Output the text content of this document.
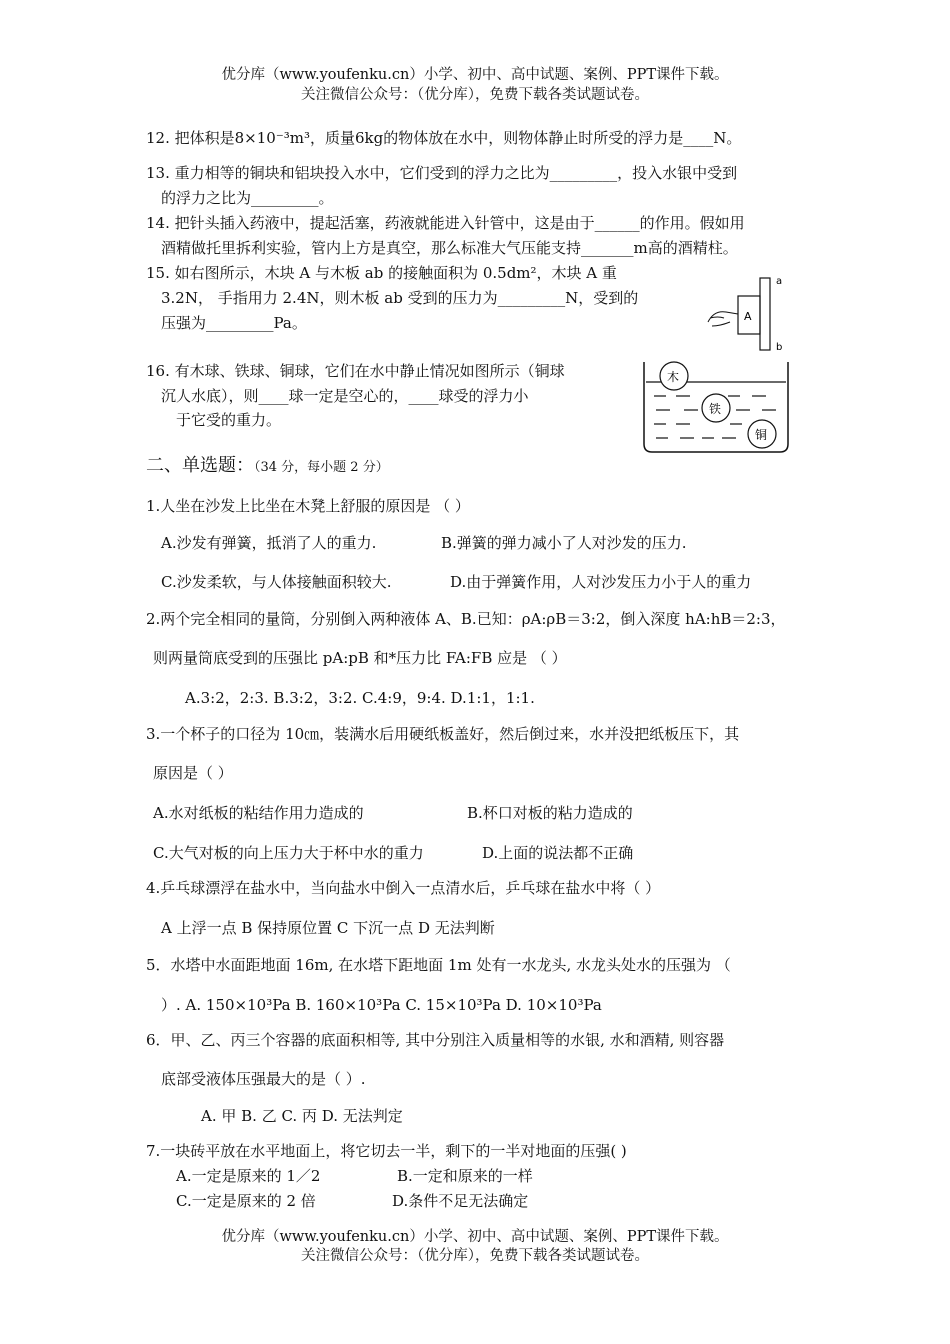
优分库（www.youfenku.cn）小学、初中、高中试题、案例、PPT课件下载。
关注微信公众号：（优分库），免费下载各类试题试卷。
12. 把体积是8×10⁻³m³，质量6kg的物体放在水中，则物体静止时所受的浮力是____N。
13. 重力相等的铜块和铝块投入水中，它们受到的浮力之比为_________，投入水银中受到
的浮力之比为_________。
14. 把针头插入药液中，提起活塞，药液就能进入针管中，这是由于______的作用。假如用
酒精做托里拆利实验，管内上方是真空，那么标准大气压能支持_______m高的酒精柱。
15. 如右图所示，木块 A 与木板 ab 的接触面积为 0.5dm²，木块 A 重
3.2N， 手指用力 2.4N，则木板 ab 受到的压力为_________N，受到的
压强为_________Pa。	A
a
b
16. 有木球、铁球、铜球，它们在水中静止情况如图所示（铜球
沉人水底），则____球一定是空心的，____球受的浮力小
于它受的重力。
木
铁
铜
二、单选题：（34 分，每小题 2 分）
1.人坐在沙发上比坐在木凳上舒服的原因是 （ ）
A.沙发有弹簧，抵消了人的重力.	B.弹簧的弹力减小了人对沙发的压力.
C.沙发柔软，与人体接触面积较大.	D.由于弹簧作用，人对沙发压力小于人的重力
2.两个完全相同的量筒，分别倒入两种液体 A、B.已知：ρA:ρB＝3:2，倒入深度 hA:hB＝2:3，
则两量筒底受到的压强比 pA:pB 和*压力比 FA:FB 应是 （ ）
A.3:2，2:3. B.3:2，3:2. C.4:9，9:4. D.1:1，1:1.
3.一个杯子的口径为 10㎝，装满水后用硬纸板盖好，然后倒过来，水并没把纸板压下，其
原因是（ ）
A.水对纸板的粘结作用力造成的	B.杯口对板的粘力造成的
C.大气对板的向上压力大于杯中水的重力	D.上面的说法都不正确
4.乒乓球漂浮在盐水中，当向盐水中倒入一点清水后，乒乓球在盐水中将（ ）
A 上浮一点 B 保持原位置 C 下沉一点 D 无法判断
5．水塔中水面距地面 16m, 在水塔下距地面 1m 处有一水龙头, 水龙头处水的压强为 （
）. A. 150×10³Pa B. 160×10³Pa C. 15×10³Pa D. 10×10³Pa
6．甲、乙、丙三个容器的底面积相等, 其中分别注入质量相等的水银, 水和酒精, 则容器
底部受液体压强最大的是（ ）.
A. 甲 B. 乙 C. 丙 D. 无法判定
7.一块砖平放在水平地面上，将它切去一半，剩下的一半对地面的压强( )
A.一定是原来的 1／2	B.一定和原来的一样
C.一定是原来的 2 倍	D.条件不足无法确定
优分库（www.youfenku.cn）小学、初中、高中试题、案例、PPT课件下载。
关注微信公众号：（优分库），免费下载各类试题试卷。
